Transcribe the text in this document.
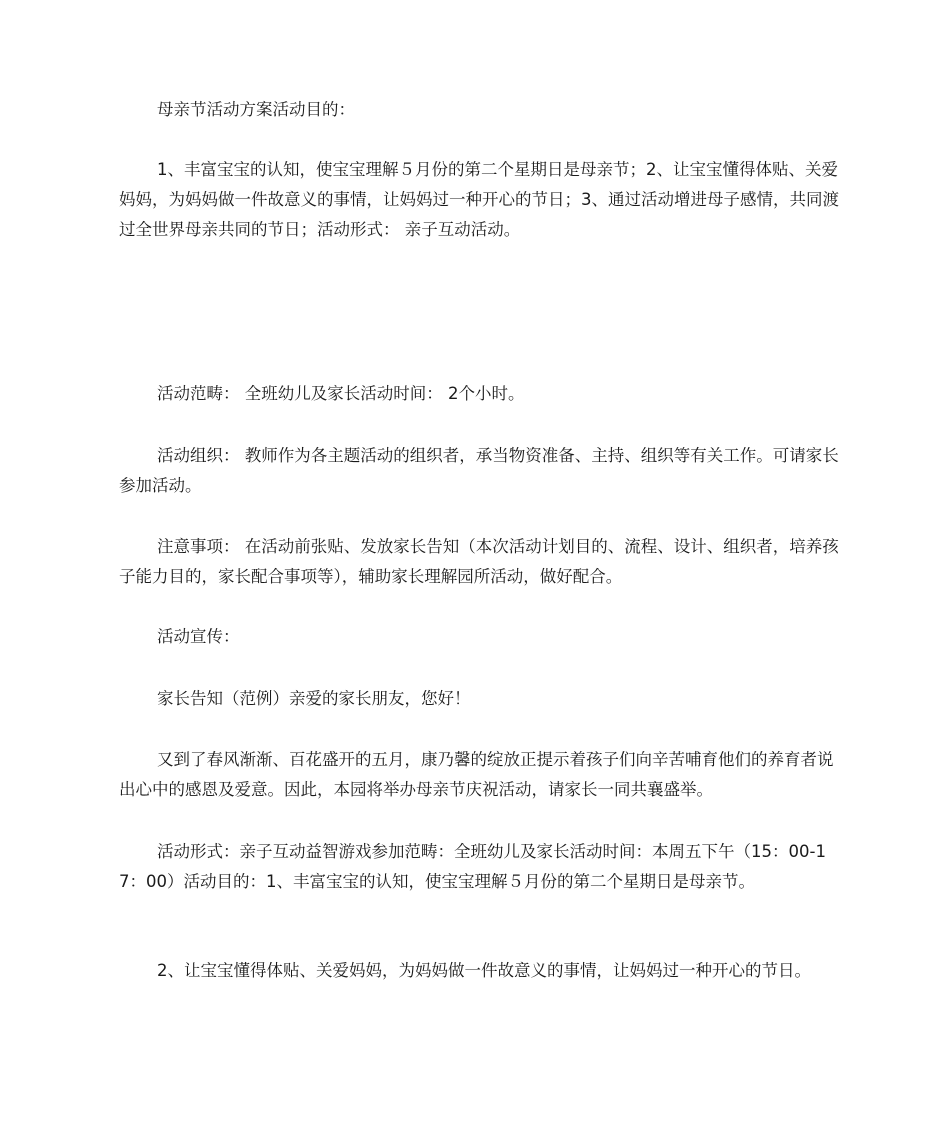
母亲节活动方案活动目的：

1、丰富宝宝的认知，使宝宝理解５月份的第二个星期日是母亲节；2、让宝宝懂得体贴、关爱妈妈，为妈妈做一件故意义的事情，让妈妈过一种开心的节日；3、通过活动增进母子感情，共同渡过全世界母亲共同的节日；活动形式： 亲子互动活动。

活动范畴： 全班幼儿及家长活动时间： 2个小时。

活动组织： 教师作为各主题活动的组织者，承当物资准备、主持、组织等有关工作。可请家长参加活动。

注意事项： 在活动前张贴、发放家长告知（本次活动计划目的、流程、设计、组织者，培养孩子能力目的，家长配合事项等），辅助家长理解园所活动，做好配合。

活动宣传：

家长告知（范例）亲爱的家长朋友，您好！

又到了春风渐渐、百花盛开的五月，康乃馨的绽放正提示着孩子们向辛苦哺育他们的养育者说出心中的感恩及爱意。因此，本园将举办母亲节庆祝活动，请家长一同共襄盛举。

活动形式：亲子互动益智游戏参加范畴：全班幼儿及家长活动时间：本周五下午（15：00-17：00）活动目的：1、丰富宝宝的认知，使宝宝理解５月份的第二个星期日是母亲节。

2、让宝宝懂得体贴、关爱妈妈，为妈妈做一件故意义的事情，让妈妈过一种开心的节日。
